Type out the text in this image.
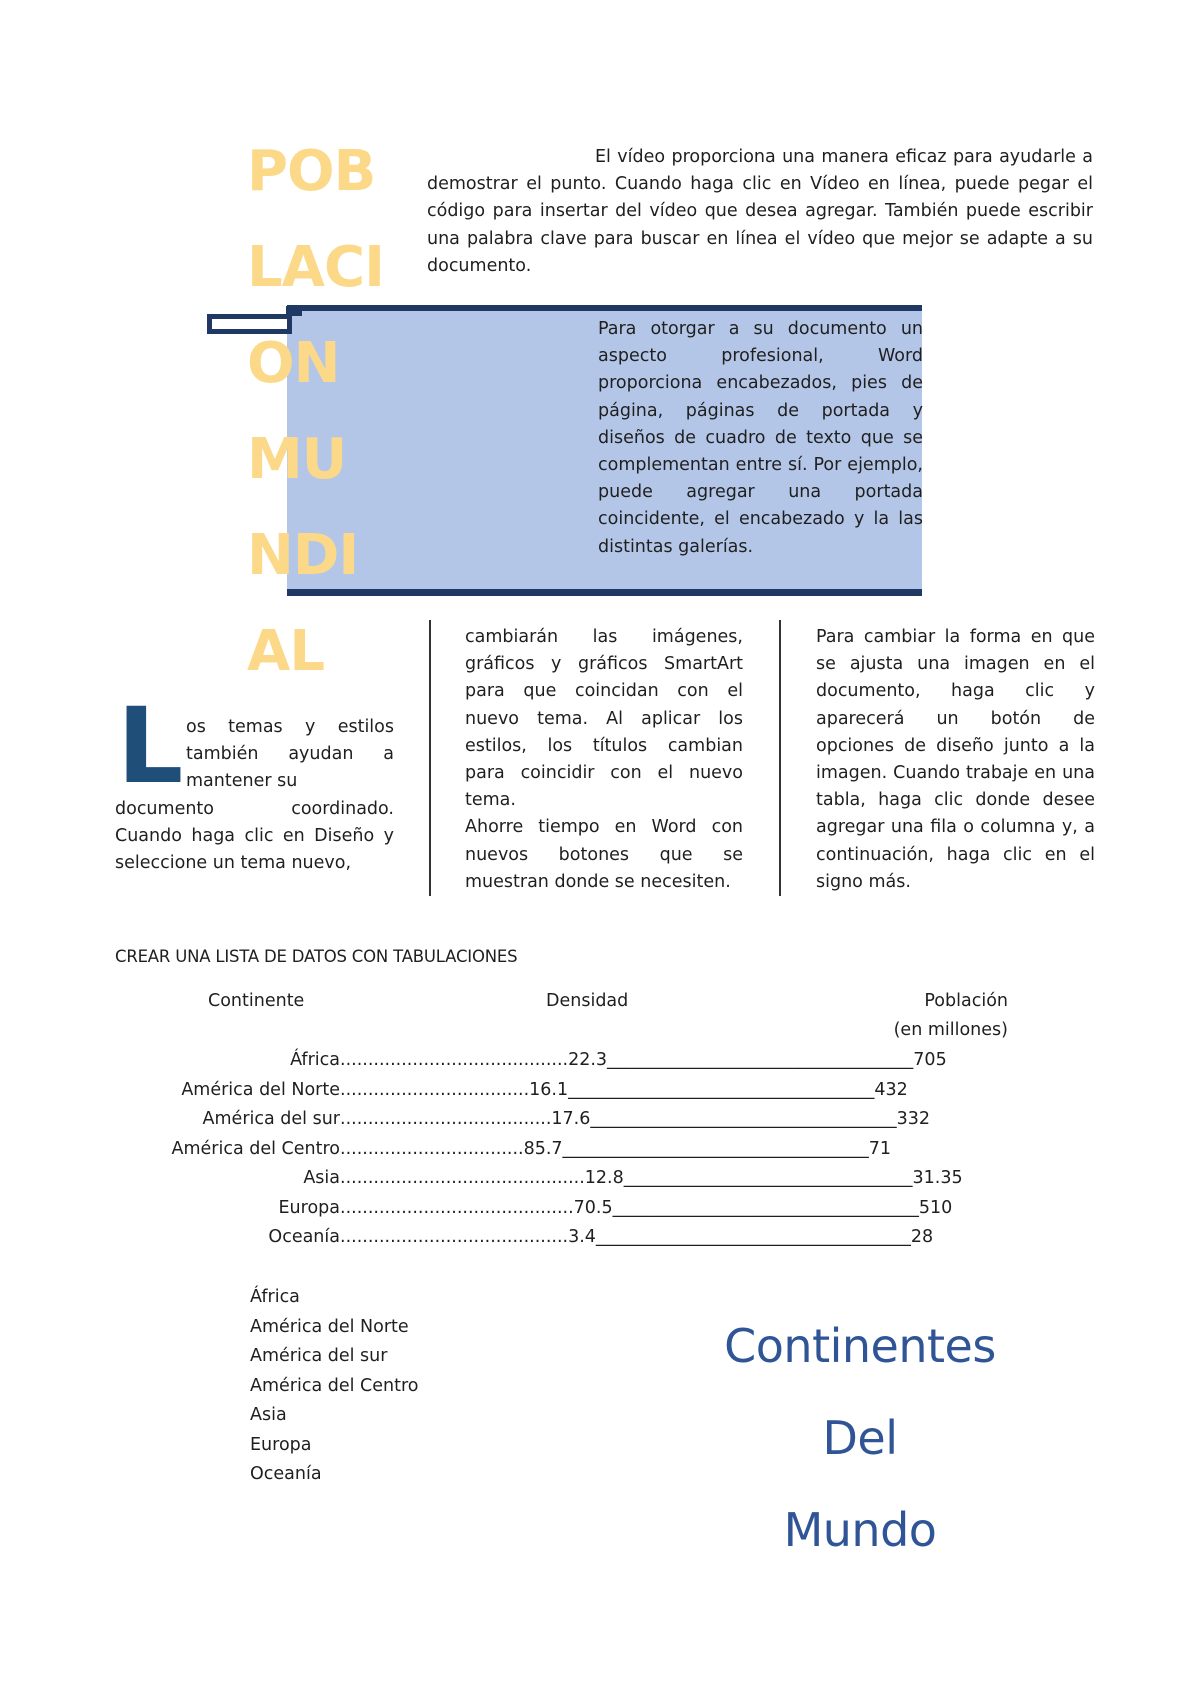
El vídeo proporciona una manera eficaz para ayudarle a demostrar el punto. Cuando haga clic en Vídeo en línea, puede pegar el código para insertar del vídeo que desea agregar. También puede escribir una palabra clave para buscar en línea el vídeo que mejor se adapte a su documento.

Para otorgar a su documento un aspecto profesional, Word proporciona encabezados, pies de página, páginas de portada y diseños de cuadro de texto que se complementan entre sí. Por ejemplo, puede agregar una portada coincidente, el encabezado y la las distintas galerías.

POB
LACI
ON
MU
NDI
AL
L os temas y estilos también ayudan a mantener su

documento coordinado. Cuando haga clic en Diseño y seleccione un tema nuevo,

cambiarán las imágenes, gráficos y gráficos SmartArt para que coincidan con el nuevo tema. Al aplicar los estilos, los títulos cambian para coincidir con el nuevo tema.

Ahorre tiempo en Word con nuevos botones que se muestran donde se necesiten.

Para cambiar la forma en que se ajusta una imagen en el documento, haga clic y aparecerá un botón de opciones de diseño junto a la imagen. Cuando trabaje en una tabla, haga clic donde desee agregar una fila o columna y, a continuación, haga clic en el signo más.

CREAR UNA LISTA DE DATOS CON TABULACIONES
Continente	Densidad	Población
(en millones)
África .........................................22.3___________________________________705
América del Norte ..................................16.1___________________________________432
América del sur ......................................17.6___________________________________332
América del Centro .................................85.7___________________________________71
Asia ............................................12.8_________________________________31.35
Europa ..........................................70.5___________________________________510
Oceanía .........................................3.4____________________________________28
África
América del Norte
América del sur
América del Centro
Asia
Europa
Oceanía
Continentes
Del
Mundo
